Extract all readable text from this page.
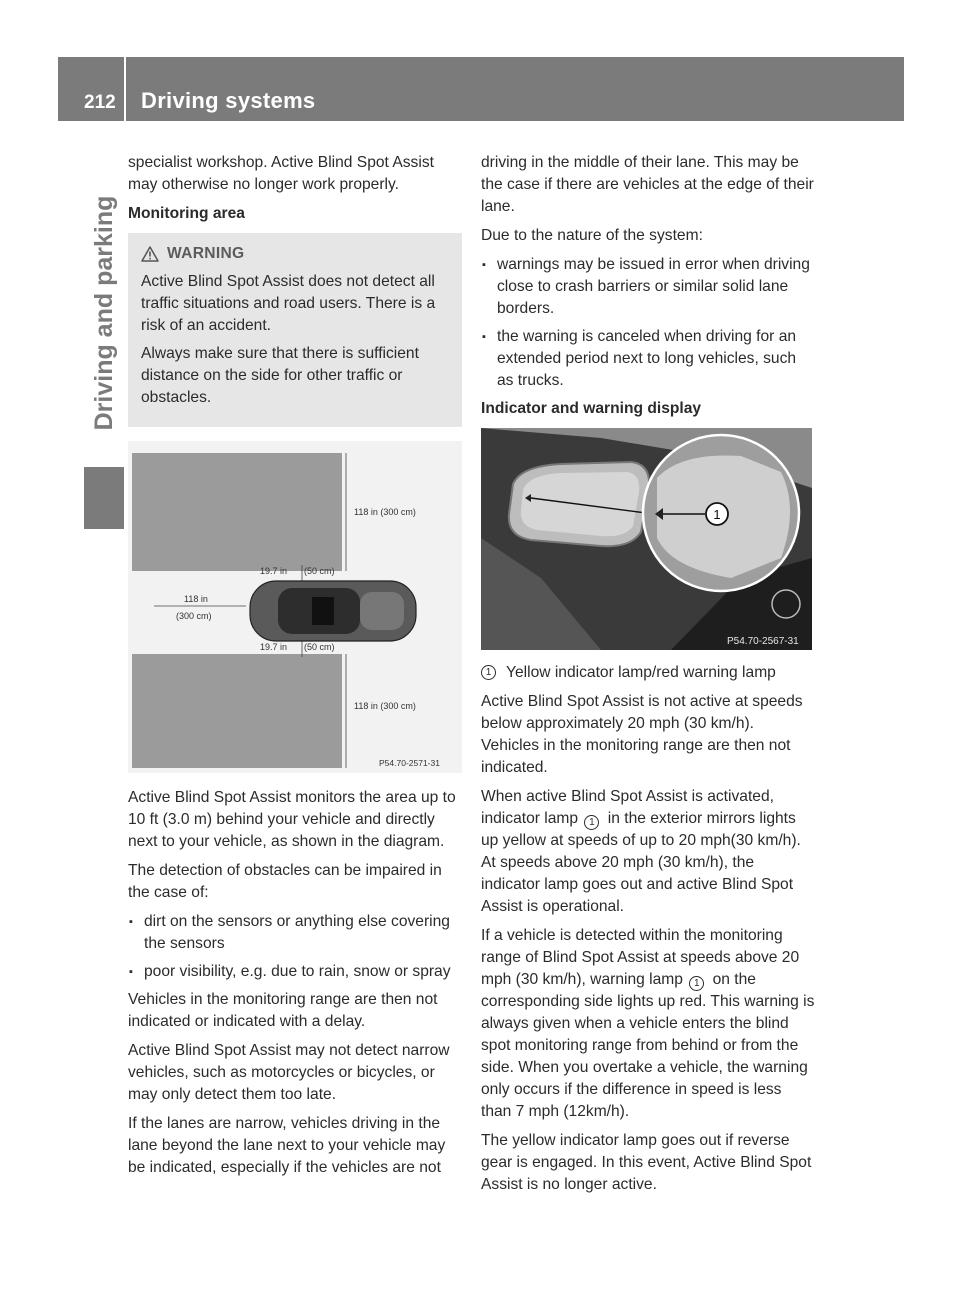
212 Driving systems
Driving and parking

specialist workshop. Active Blind Spot Assist may otherwise no longer work properly.

Monitoring area
WARNING

Active Blind Spot Assist does not detect all traffic situations and road users. There is a risk of an accident.

Always make sure that there is sufficient distance on the side for other traffic or obstacles.

118 in (300 cm)
19.7 in (50 cm)
118 in
(300 cm)
19.7 in (50 cm)
118 in (300 cm)
P54.70-2571-31

Active Blind Spot Assist monitors the area up to 10 ft (3.0 m) behind your vehicle and directly next to your vehicle, as shown in the diagram.

The detection of obstacles can be impaired in the case of:

▪ dirt on the sensors or anything else covering the sensors
▪ poor visibility, e.g. due to rain, snow or spray

Vehicles in the monitoring range are then not indicated or indicated with a delay.

Active Blind Spot Assist may not detect narrow vehicles, such as motorcycles or bicycles, or may only detect them too late.

If the lanes are narrow, vehicles driving in the lane beyond the lane next to your vehicle may be indicated, especially if the vehicles are not

driving in the middle of their lane. This may be the case if there are vehicles at the edge of their lane.

Due to the nature of the system:

▪ warnings may be issued in error when driving close to crash barriers or similar solid lane borders.
▪ the warning is canceled when driving for an extended period next to long vehicles, such as trucks.
Indicator and warning display
1
P54.70-2567-31

1 Yellow indicator lamp/red warning lamp

Active Blind Spot Assist is not active at speeds below approximately 20 mph (30 km/h). Vehicles in the monitoring range are then not indicated.

When active Blind Spot Assist is activated, indicator lamp 1 in the exterior mirrors lights up yellow at speeds of up to 20 mph(30 km/h). At speeds above 20 mph (30 km/h), the indicator lamp goes out and active Blind Spot Assist is operational.

If a vehicle is detected within the monitoring range of Blind Spot Assist at speeds above 20 mph (30 km/h), warning lamp 1 on the corresponding side lights up red. This warning is always given when a vehicle enters the blind spot monitoring range from behind or from the side. When you overtake a vehicle, the warning only occurs if the difference in speed is less than 7 mph (12km/h).

The yellow indicator lamp goes out if reverse gear is engaged. In this event, Active Blind Spot Assist is no longer active.
